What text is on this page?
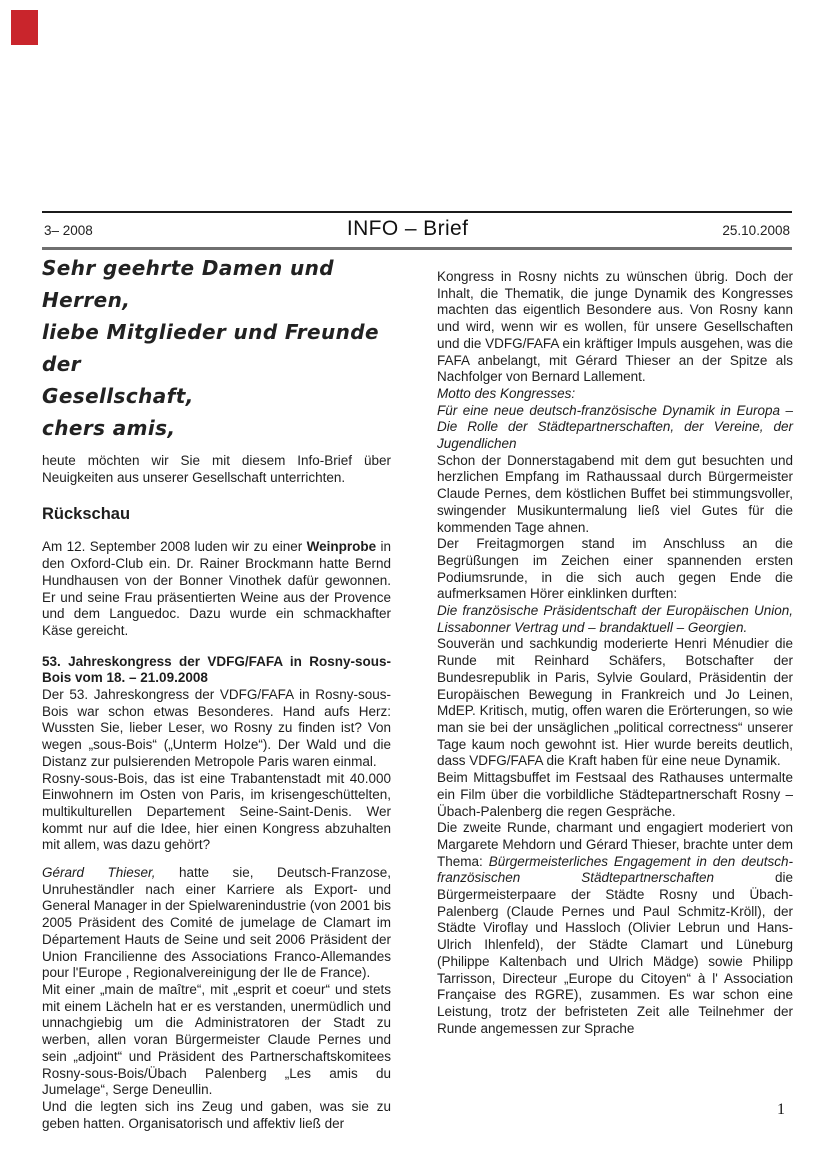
3– 2008	INFO – Brief	25.10.2008
Sehr geehrte Damen und Herren,
liebe Mitglieder und Freunde der
Gesellschaft,
chers amis,

heute möchten wir Sie mit diesem Info-Brief über Neuigkeiten aus unserer Gesellschaft unterrichten.

Rückschau

Am 12. September 2008 luden wir zu einer Weinprobe in den Oxford-Club ein. Dr. Rainer Brockmann hatte Bernd Hundhausen von der Bonner Vinothek dafür gewonnen. Er und seine Frau präsentierten Weine aus der Provence und dem Languedoc. Dazu wurde ein schmackhafter Käse gereicht.

53. Jahreskongress der VDFG/FAFA in Rosny-sous-Bois vom 18. – 21.09.2008

Der 53. Jahreskongress der VDFG/FAFA in Rosny-sous-Bois war schon etwas Besonderes. Hand aufs Herz: Wussten Sie, lieber Leser, wo Rosny zu finden ist? Von wegen „sous-Bois“ („Unterm Holze“). Der Wald und die Distanz zur pulsierenden Metropole Paris waren einmal.

Rosny-sous-Bois, das ist eine Trabantenstadt mit 40.000 Einwohnern im Osten von Paris, im krisengeschüttelten, multikulturellen Departement Seine-Saint-Denis. Wer kommt nur auf die Idee, hier einen Kongress abzuhalten mit allem, was dazu gehört?

Gérard Thieser, hatte sie, Deutsch-Franzose, Unruheständler nach einer Karriere als Export- und General Manager in der Spielwarenindustrie (von 2001 bis 2005 Präsident des Comité de jumelage de Clamart im Département Hauts de Seine und seit 2006 Präsident der Union Francilienne des Associations Franco-Allemandes pour l'Europe , Regionalvereinigung der Ile de France).

Mit einer „main de maître“, mit „esprit et coeur“ und stets mit einem Lächeln hat er es verstanden, unermüdlich und unnachgiebig um die Administratoren der Stadt zu werben, allen voran Bürgermeister Claude Pernes und sein „adjoint“ und Präsident des Partnerschaftskomitees Rosny-sous-Bois/Übach Palenberg „Les amis du Jumelage“, Serge Deneullin.

Und die legten sich ins Zeug und gaben, was sie zu geben hatten. Organisatorisch und affektiv ließ der

Kongress in Rosny nichts zu wünschen übrig. Doch der Inhalt, die Thematik, die junge Dynamik des Kongresses machten das eigentlich Besondere aus. Von Rosny kann und wird, wenn wir es wollen, für unsere Gesellschaften und die VDFG/FAFA ein kräftiger Impuls ausgehen, was die FAFA anbelangt, mit Gérard Thieser an der Spitze als Nachfolger von Bernard Lallement.

Motto des Kongresses:

Für eine neue deutsch-französische Dynamik in Europa – Die Rolle der Städtepartnerschaften, der Vereine, der Jugendlichen

Schon der Donnerstagabend mit dem gut besuchten und herzlichen Empfang im Rathaussaal durch Bürgermeister Claude Pernes, dem köstlichen Buffet bei stimmungsvoller, swingender Musikuntermalung ließ viel Gutes für die kommenden Tage ahnen.

Der Freitagmorgen stand im Anschluss an die Begrüßungen im Zeichen einer spannenden ersten Podiumsrunde, in die sich auch gegen Ende die aufmerksamen Hörer einklinken durften:

Die französische Präsidentschaft der Europäischen Union, Lissabonner Vertrag und – brandaktuell – Georgien.

Souverän und sachkundig moderierte Henri Ménudier die Runde mit Reinhard Schäfers, Botschafter der Bundesrepublik in Paris, Sylvie Goulard, Präsidentin der Europäischen Bewegung in Frankreich und Jo Leinen, MdEP. Kritisch, mutig, offen waren die Erörterungen, so wie man sie bei der unsäglichen „political correctness“ unserer Tage kaum noch gewohnt ist. Hier wurde bereits deutlich, dass VDFG/FAFA die Kraft haben für eine neue Dynamik.

Beim Mittagsbuffet im Festsaal des Rathauses untermalte ein Film über die vorbildliche Städtepartnerschaft Rosny – Übach-Palenberg die regen Gespräche.

Die zweite Runde, charmant und engagiert moderiert von Margarete Mehdorn und Gérard Thieser, brachte unter dem Thema: Bürgermeisterliches Engagement in den deutsch-französischen Städtepartnerschaften die Bürgermeisterpaare der Städte Rosny und Übach-Palenberg (Claude Pernes und Paul Schmitz-Kröll), der Städte Viroflay und Hassloch (Olivier Lebrun und Hans-Ulrich Ihlenfeld), der Städte Clamart und Lüneburg (Philippe Kaltenbach und Ulrich Mädge) sowie Philipp Tarrisson, Directeur „Europe du Citoyen“ à l' Association Française des RGRE), zusammen. Es war schon eine Leistung, trotz der befristeten Zeit alle Teilnehmer der Runde angemessen zur Sprache

1
